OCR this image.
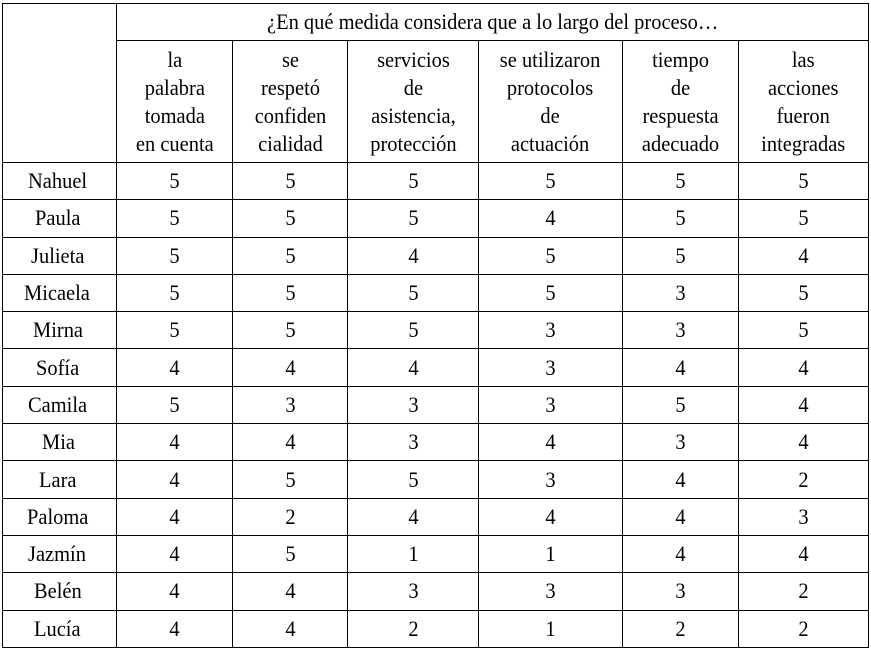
	¿En qué medida considera que a lo largo del proceso…					

	la
palabra
tomada
en cuenta	se
respetó
confiden
cialidad	servicios
de
asistencia,
protección	se utilizaron
protocolos
de
actuación	tiempo
de
respuesta
adecuado	las
acciones
fueron
integradas

Nahuel	5	5	5	5	5	5
Paula	5	5	5	4	5	5
Julieta	5	5	4	5	5	4
Micaela	5	5	5	5	3	5
Mirna	5	5	5	3	3	5
Sofía	4	4	4	3	4	4
Camila	5	3	3	3	5	4
Mia	4	4	3	4	3	4
Lara	4	5	5	3	4	2
Paloma	4	2	4	4	4	3
Jazmín	4	5	1	1	4	4
Belén	4	4	3	3	3	2
Lucía	4	4	2	1	2	2
